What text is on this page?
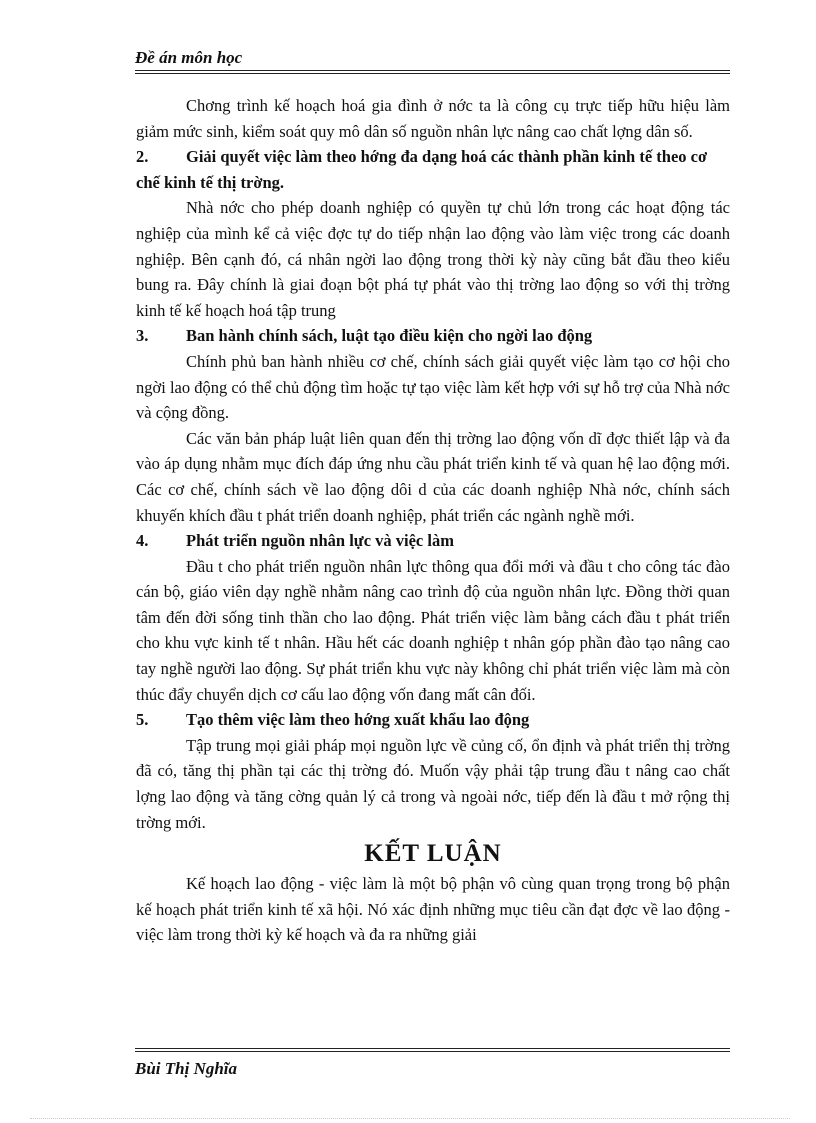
Đề án môn học

Chơng trình kế hoạch hoá gia đình ở nớc ta là công cụ trực tiếp hữu hiệu làm giảm mức sinh, kiểm soát quy mô dân số nguồn nhân lực nâng cao chất lợng dân số.

2. Giải quyết việc làm theo hớng đa dạng hoá các thành phần kinh tế theo cơ chế kinh tế thị trờng.

Nhà nớc cho phép doanh nghiệp có quyền tự chủ lớn trong các hoạt động tác nghiệp của mình kể cả việc đợc tự do tiếp nhận lao động vào làm việc trong các doanh nghiệp. Bên cạnh đó, cá nhân ngời lao động trong thời kỳ này cũng bắt đầu theo kiểu bung ra. Đây chính là giai đoạn bột phá tự phát vào thị trờng lao động so với thị trờng kinh tế kế hoạch hoá tập trung

3. Ban hành chính sách, luật tạo điều kiện cho ngời lao động

Chính phủ ban hành nhiều cơ chế, chính sách giải quyết việc làm tạo cơ hội cho ngời lao động có thể chủ động tìm hoặc tự tạo việc làm kết hợp với sự hỗ trợ của Nhà nớc và cộng đồng.

Các văn bản pháp luật liên quan đến thị trờng lao động vốn dĩ đợc thiết lập và đa vào áp dụng nhằm mục đích đáp ứng nhu cầu phát triển kinh tế và quan hệ lao động mới. Các cơ chế, chính sách về lao động dôi d của các doanh nghiệp Nhà nớc, chính sách khuyến khích đầu t phát triển doanh nghiệp, phát triển các ngành nghề mới.

4. Phát triển nguồn nhân lực và việc làm

Đầu t cho phát triển nguồn nhân lực thông qua đổi mới và đầu t cho công tác đào cán bộ, giáo viên dạy nghề nhằm nâng cao trình độ của nguồn nhân lực. Đồng thời quan tâm đến đời sống tinh thần cho lao động. Phát triển việc làm bằng cách đầu t phát triển cho khu vực kinh tế t nhân. Hầu hết các doanh nghiệp t nhân góp phần đào tạo nâng cao tay nghề người lao động. Sự phát triển khu vực này không chỉ phát triển việc làm mà còn thúc đẩy chuyển dịch cơ cấu lao động vốn đang mất cân đối.

5. Tạo thêm việc làm theo hớng xuất khẩu lao động

Tập trung mọi giải pháp mọi nguồn lực về củng cố, ổn định và phát triển thị trờng đã có, tăng thị phần tại các thị trờng đó. Muốn vậy phải tập trung đầu t nâng cao chất lợng lao động và tăng cờng quản lý cả trong và ngoài nớc, tiếp đến là đầu t mở rộng thị trờng mới.

KẾT LUẬN

Kế hoạch lao động - việc làm là một bộ phận vô cùng quan trọng trong bộ phận kế hoạch phát triển kinh tế xã hội. Nó xác định những mục tiêu cần đạt đợc về lao động - việc làm trong thời kỳ kế hoạch và đa ra những giải

Bùi Thị Nghĩa
